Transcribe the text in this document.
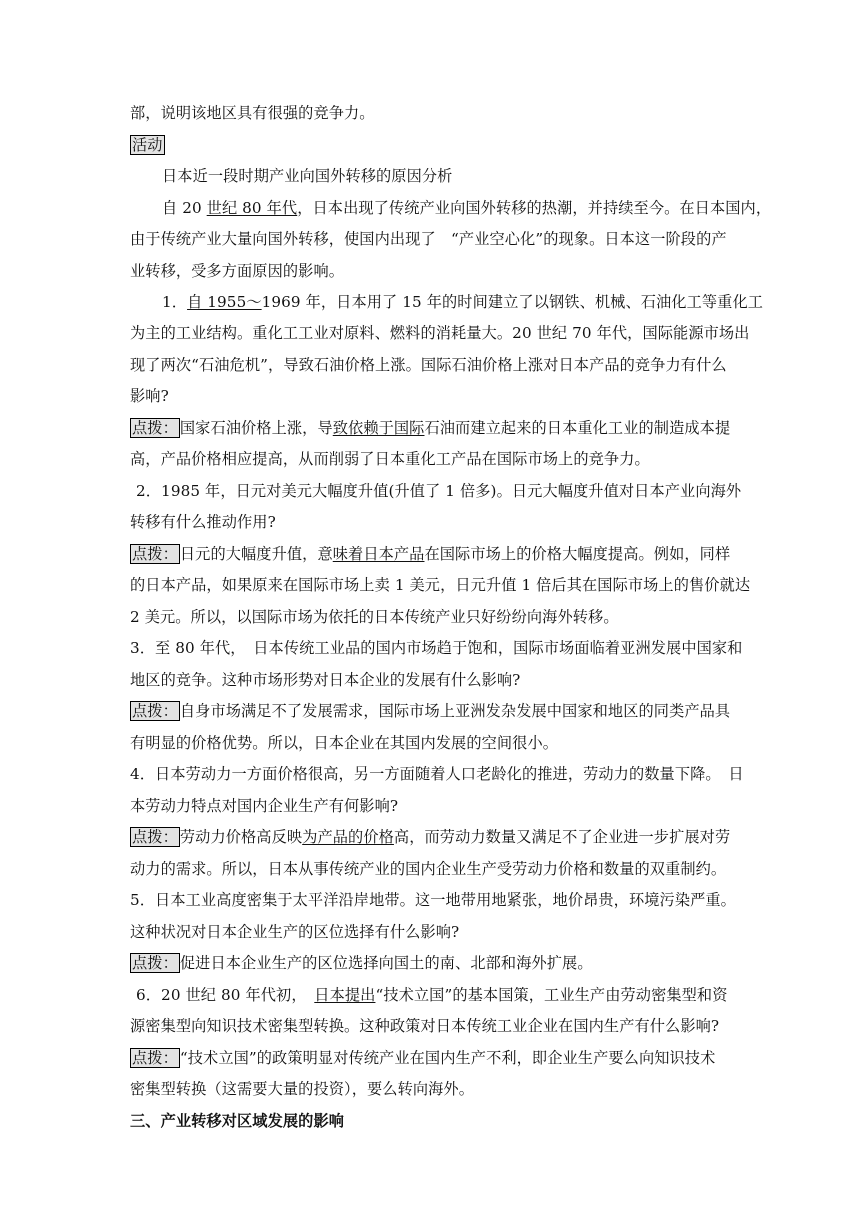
部，说明该地区具有很强的竞争力。
活动
日本近一段时期产业向国外转移的原因分析
自 20 世纪 80 年代，日本出现了传统产业向国外转移的热潮，并持续至今。在日本国内，
由于传统产业大量向国外转移，使国内出现了　“产业空心化”的现象。日本这一阶段的产
业转移，受多方面原因的影响。
1．自 1955～1969 年，日本用了 15 年的时间建立了以钢铁、机械、石油化工等重化工
为主的工业结构。重化工工业对原料、燃料的消耗量大。20 世纪 70 年代，国际能源市场出
现了两次“石油危机”，导致石油价格上涨。国际石油价格上涨对日本产品的竞争力有什么
影响?
点拨： 国家石油价格上涨，导致依赖于国际石油而建立起来的日本重化工业的制造成本提
高，产品价格相应提高，从而削弱了日本重化工产品在国际市场上的竞争力。
2．1985 年，日元对美元大幅度升值(升值了 1 倍多)。日元大幅度升值对日本产业向海外
转移有什么推动作用?
点拨： 日元的大幅度升值，意味着日本产品在国际市场上的价格大幅度提高。例如，同样
的日本产品，如果原来在国际市场上卖 1 美元，日元升值 1 倍后其在国际市场上的售价就达
2 美元。所以，以国际市场为依托的日本传统产业只好纷纷向海外转移。
3．至 80 年代，　日本传统工业品的国内市场趋于饱和，国际市场面临着亚洲发展中国家和
地区的竞争。这种市场形势对日本企业的发展有什么影响?
点拨： 自身市场满足不了发展需求，国际市场上亚洲发杂发展中国家和地区的同类产品具
有明显的价格优势。所以，日本企业在其国内发展的空间很小。
4．日本劳动力一方面价格很高，另一方面随着人口老龄化的推进，劳动力的数量下降。　日
本劳动力特点对国内企业生产有何影响?
点拨： 劳动力价格高反映为产品的价格高，而劳动力数量又满足不了企业进一步扩展对劳
动力的需求。所以，日本从事传统产业的国内企业生产受劳动力价格和数量的双重制约。
5．日本工业高度密集于太平洋沿岸地带。这一地带用地紧张，地价昂贵，环境污染严重。
这种状况对日本企业生产的区位选择有什么影响?
点拨： 促进日本企业生产的区位选择向国土的南、北部和海外扩展。
6．20 世纪 80 年代初，　日本提出“技术立国”的基本国策，工业生产由劳动密集型和资
源密集型向知识技术密集型转换。这种政策对日本传统工业企业在国内生产有什么影响?
点拨： “技术立国”的政策明显对传统产业在国内生产不利，即企业生产要么向知识技术
密集型转换（这需要大量的投资），要么转向海外。
三、产业转移对区域发展的影响
